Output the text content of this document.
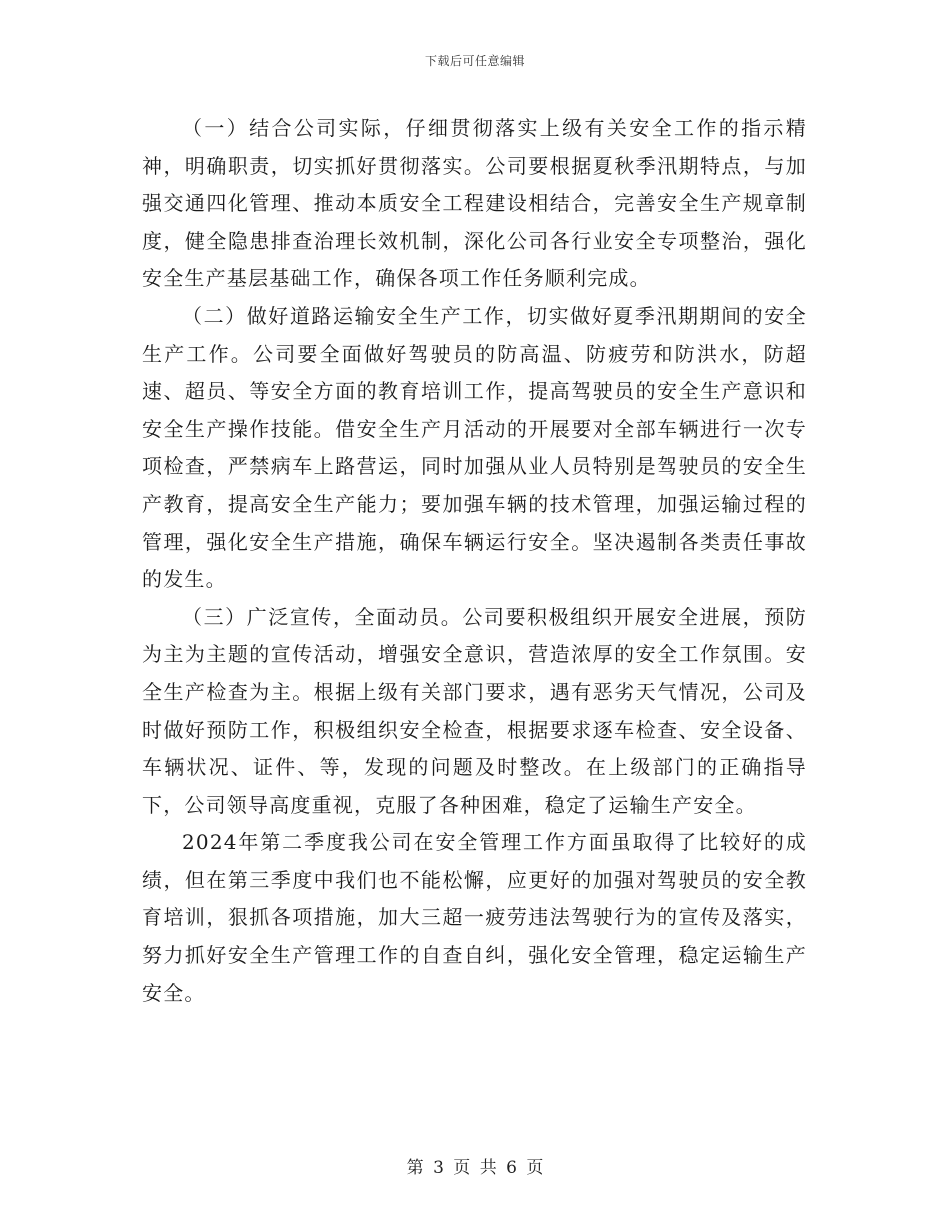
下载后可任意编辑

（一）结合公司实际，仔细贯彻落实上级有关安全工作的指示精神，明确职责，切实抓好贯彻落实。公司要根据夏秋季汛期特点，与加强交通四化管理、推动本质安全工程建设相结合，完善安全生产规章制度，健全隐患排查治理长效机制，深化公司各行业安全专项整治，强化安全生产基层基础工作，确保各项工作任务顺利完成。

（二）做好道路运输安全生产工作，切实做好夏季汛期期间的安全生产工作。公司要全面做好驾驶员的防高温、防疲劳和防洪水，防超速、超员、等安全方面的教育培训工作，提高驾驶员的安全生产意识和安全生产操作技能。借安全生产月活动的开展要对全部车辆进行一次专项检查，严禁病车上路营运，同时加强从业人员特别是驾驶员的安全生产教育，提高安全生产能力；要加强车辆的技术管理，加强运输过程的管理，强化安全生产措施，确保车辆运行安全。坚决遏制各类责任事故的发生。

（三）广泛宣传，全面动员。公司要积极组织开展安全进展，预防为主为主题的宣传活动，增强安全意识，营造浓厚的安全工作氛围。安全生产检查为主。根据上级有关部门要求，遇有恶劣天气情况，公司及时做好预防工作，积极组织安全检查，根据要求逐车检查、安全设备、车辆状况、证件、等，发现的问题及时整改。在上级部门的正确指导下，公司领导高度重视，克服了各种困难，稳定了运输生产安全。

2024年第二季度我公司在安全管理工作方面虽取得了比较好的成绩，但在第三季度中我们也不能松懈，应更好的加强对驾驶员的安全教育培训，狠抓各项措施，加大三超一疲劳违法驾驶行为的宣传及落实，努力抓好安全生产管理工作的自查自纠，强化安全管理，稳定运输生产安全。

第 3 页 共 6 页
